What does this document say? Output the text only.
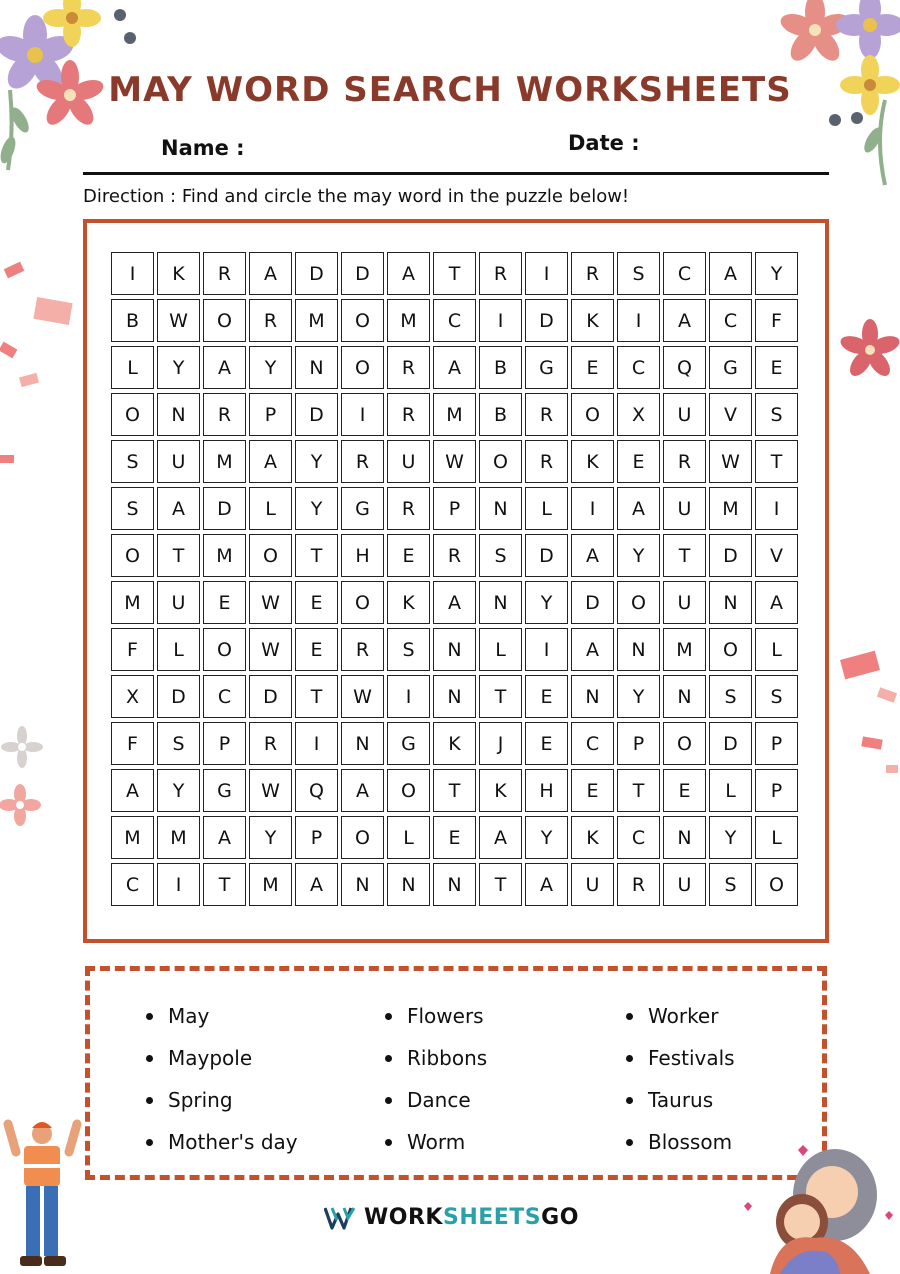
MAY WORD SEARCH WORKSHEETS
Name :	Date :
Direction : Find and circle the may word in the puzzle below!
I	K	R	A	D	D	A	T	R	I	R	S	C	A	Y
B	W	O	R	M	O	M	C	I	D	K	I	A	C	F
L	Y	A	Y	N	O	R	A	B	G	E	C	Q	G	E
O	N	R	P	D	I	R	M	B	R	O	X	U	V	S
S	U	M	A	Y	R	U	W	O	R	K	E	R	W	T
S	A	D	L	Y	G	R	P	N	L	I	A	U	M	I
O	T	M	O	T	H	E	R	S	D	A	Y	T	D	V
M	U	E	W	E	O	K	A	N	Y	D	O	U	N	A
F	L	O	W	E	R	S	N	L	I	A	N	M	O	L
X	D	C	D	T	W	I	N	T	E	N	Y	N	S	S
F	S	P	R	I	N	G	K	J	E	C	P	O	D	P
A	Y	G	W	Q	A	O	T	K	H	E	T	E	L	P
M	M	A	Y	P	O	L	E	A	Y	K	C	N	Y	L
C	I	T	M	A	N	N	N	T	A	U	R	U	S	O
May
Maypole
Spring
Mother's day
Flowers
Ribbons
Dance
Worm
Worker
Festivals
Taurus
Blossom
WORK SHEETS GO
